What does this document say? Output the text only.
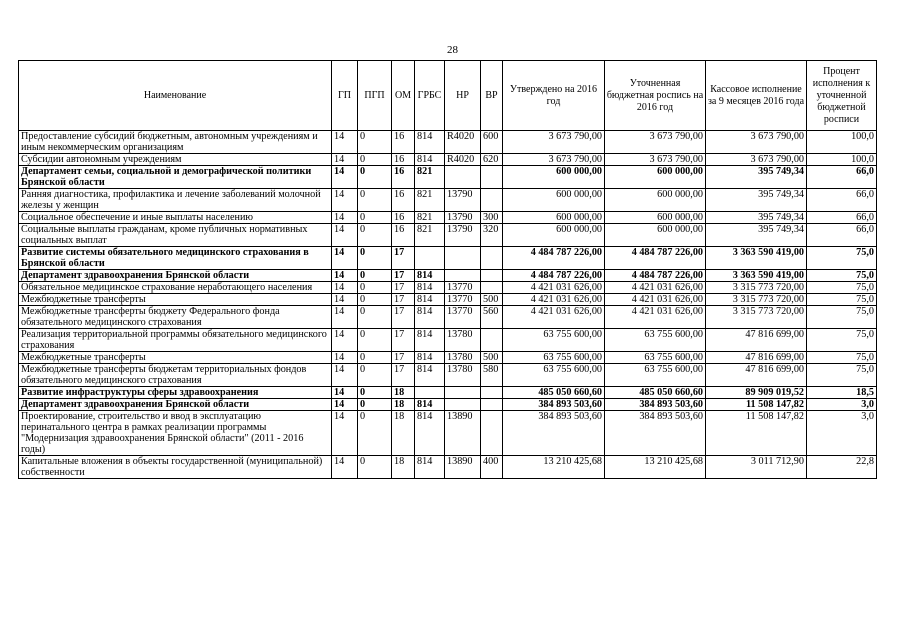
28
Наименование	ГП	ПГП	ОМ	ГРБС	НР	ВР	Утверждено на 2016 год	Уточненная бюджетная роспись на 2016 год	Кассовое исполнение за 9 месяцев 2016 года	Процент исполнения к уточненной бюджетной росписи
Предоставление субсидий бюджетным, автономным учреждениям и иным некоммерческим организациям	14	0	16	814	R4020	600	3 673 790,00	3 673 790,00	3 673 790,00	100,0
Субсидии автономным учреждениям	14	0	16	814	R4020	620	3 673 790,00	3 673 790,00	3 673 790,00	100,0
Департамент семьи, социальной и демографической политики Брянской области	14	0	16	821			600 000,00	600 000,00	395 749,34	66,0
Ранняя диагностика, профилактика и лечение заболеваний молочной железы у женщин	14	0	16	821	13790		600 000,00	600 000,00	395 749,34	66,0
Социальное обеспечение и иные выплаты населению	14	0	16	821	13790	300	600 000,00	600 000,00	395 749,34	66,0
Социальные выплаты гражданам, кроме публичных нормативных социальных выплат	14	0	16	821	13790	320	600 000,00	600 000,00	395 749,34	66,0
Развитие системы обязательного медицинского страхования в Брянской области	14	0	17				4 484 787 226,00	4 484 787 226,00	3 363 590 419,00	75,0
Департамент здравоохранения Брянской области	14	0	17	814			4 484 787 226,00	4 484 787 226,00	3 363 590 419,00	75,0
Обязательное медицинское страхование неработающего населения	14	0	17	814	13770		4 421 031 626,00	4 421 031 626,00	3 315 773 720,00	75,0
Межбюджетные трансферты	14	0	17	814	13770	500	4 421 031 626,00	4 421 031 626,00	3 315 773 720,00	75,0
Межбюджетные трансферты бюджету Федерального фонда обязательного медицинского страхования	14	0	17	814	13770	560	4 421 031 626,00	4 421 031 626,00	3 315 773 720,00	75,0
Реализация территориальной программы обязательного медицинского страхования	14	0	17	814	13780		63 755 600,00	63 755 600,00	47 816 699,00	75,0
Межбюджетные трансферты	14	0	17	814	13780	500	63 755 600,00	63 755 600,00	47 816 699,00	75,0
Межбюджетные трансферты бюджетам территориальных фондов обязательного медицинского страхования	14	0	17	814	13780	580	63 755 600,00	63 755 600,00	47 816 699,00	75,0
Развитие инфраструктуры сферы здравоохранения	14	0	18				485 050 660,60	485 050 660,60	89 909 019,52	18,5
Департамент здравоохранения Брянской области	14	0	18	814			384 893 503,60	384 893 503,60	11 508 147,82	3,0
Проектирование, строительство и ввод в эксплуатацию перинатального центра в рамках реализации программы "Модернизация здравоохранения Брянской области" (2011 - 2016 годы)	14	0	18	814	13890		384 893 503,60	384 893 503,60	11 508 147,82	3,0
Капитальные вложения в объекты государственной (муниципальной) собственности	14	0	18	814	13890	400	13 210 425,68	13 210 425,68	3 011 712,90	22,8
